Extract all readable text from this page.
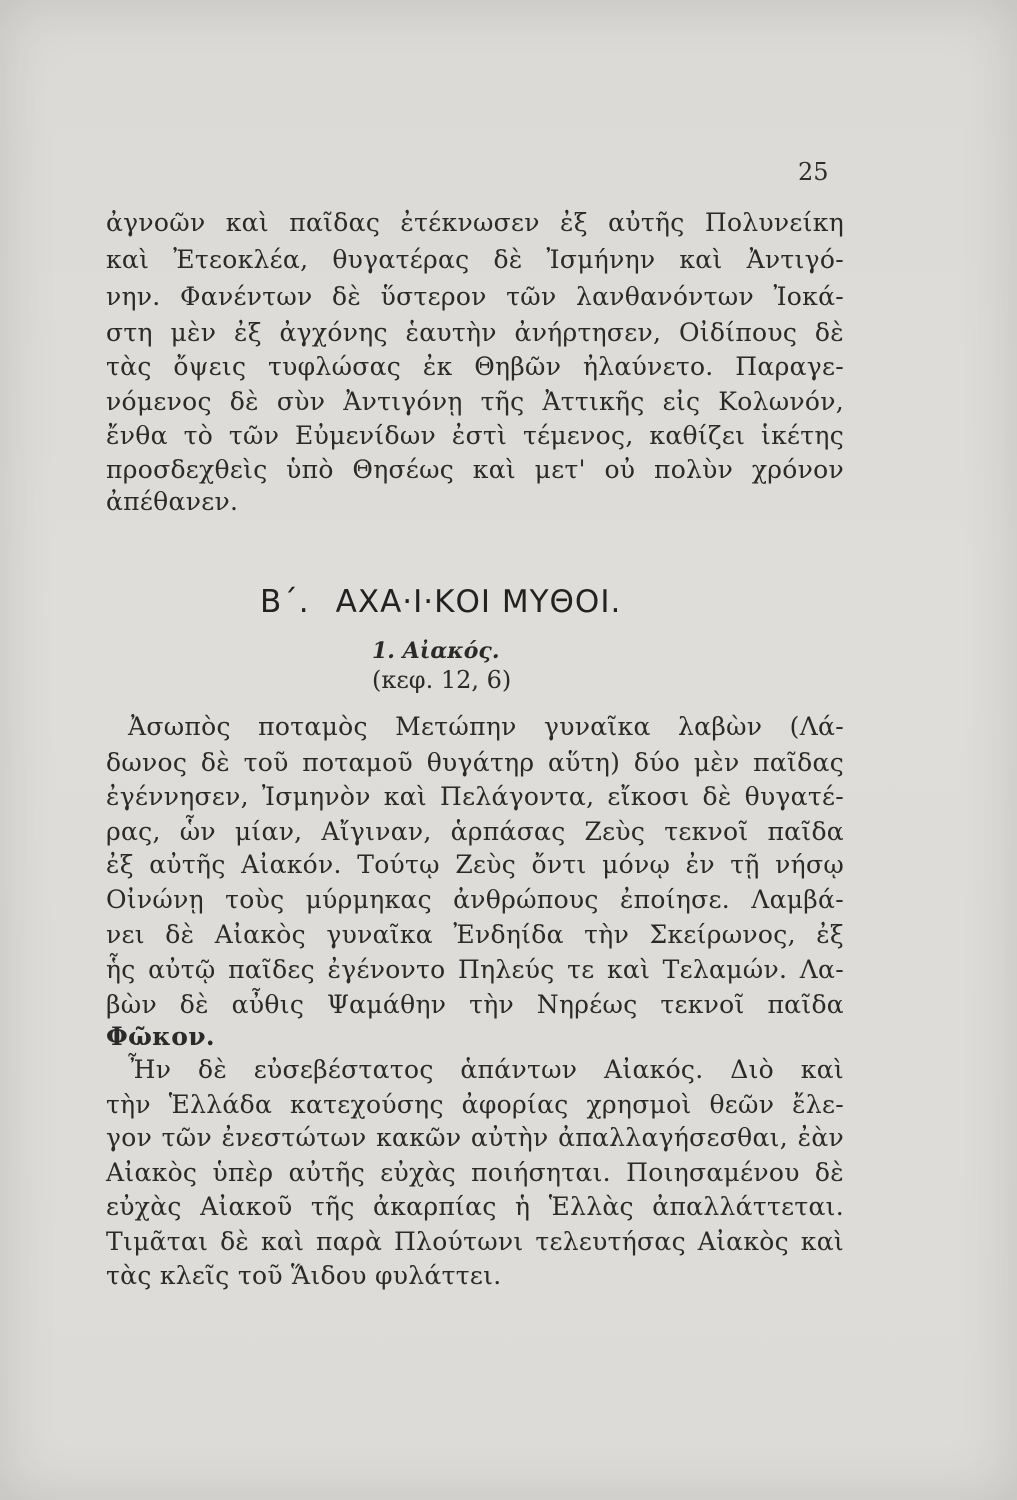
25
ἀγνοῶν καὶ παῖδας ἐτέκνωσεν ἐξ αὐτῆς Πολυνείκη
καὶ Ἐτεοκλέα, θυγατέρας δὲ Ἰσμήνην καὶ Ἀντιγό-
νην. Φανέντων δὲ ὕστερον τῶν λανθανόντων Ἰοκά-
στη μὲν ἐξ ἀγχόνης ἑαυτὴν ἀνήρτησεν, Οἰδίπους δὲ
τὰς ὄψεις τυφλώσας ἐκ Θηβῶν ἠλαύνετο. Παραγε-
νόμενος δὲ σὺν Ἀντιγόνῃ τῆς Ἀττικῆς εἰς Κολωνόν,
ἔνθα τὸ τῶν Εὐμενίδων ἐστὶ τέμενος, καθίζει ἱκέτης
προσδεχθεὶς ὑπὸ Θησέως καὶ μετ' οὐ πολὺν χρόνον
ἀπέθανεν.
Β΄. ΑΧΑ·Ι·ΚΟΙ ΜΥΘΟΙ.
1. Αἰακός.
(κεφ. 12, 6)
Ἀσωπὸς ποταμὸς Μετώπην γυναῖκα λαβὼν (Λά-
δωνος δὲ τοῦ ποταμοῦ θυγάτηρ αὕτη) δύο μὲν παῖδας
ἐγέννησεν, Ἰσμηνὸν καὶ Πελάγοντα, εἴκοσι δὲ θυγατέ-
ρας, ὧν μίαν, Αἴγιναν, ἁρπάσας Ζεὺς τεκνοῖ παῖδα
ἐξ αὐτῆς Αἰακόν. Τούτῳ Ζεὺς ὄντι μόνῳ ἐν τῇ νήσῳ
Οἰνώνῃ τοὺς μύρμηκας ἀνθρώπους ἐποίησε. Λαμβά-
νει δὲ Αἰακὸς γυναῖκα Ἐνδηίδα τὴν Σκείρωνος, ἐξ
ἧς αὐτῷ παῖδες ἐγένοντο Πηλεύς τε καὶ Τελαμών. Λα-
βὼν δὲ αὖθις Ψαμάθην τὴν Νηρέως τεκνοῖ παῖδα
Φῶκον.
Ἦν δὲ εὐσεβέστατος ἁπάντων Αἰακός. Διὸ καὶ
τὴν Ἑλλάδα κατεχούσης ἀφορίας χρησμοὶ θεῶν ἔλε-
γον τῶν ἐνεστώτων κακῶν αὐτὴν ἀπαλλαγήσεσθαι, ἐὰν
Αἰακὸς ὑπὲρ αὐτῆς εὐχὰς ποιήσηται. Ποιησαμένου δὲ
εὐχὰς Αἰακοῦ τῆς ἀκαρπίας ἡ Ἑλλὰς ἀπαλλάττεται.
Τιμᾶται δὲ καὶ παρὰ Πλούτωνι τελευτήσας Αἰακὸς καὶ
τὰς κλεῖς τοῦ Ἅιδου φυλάττει.
